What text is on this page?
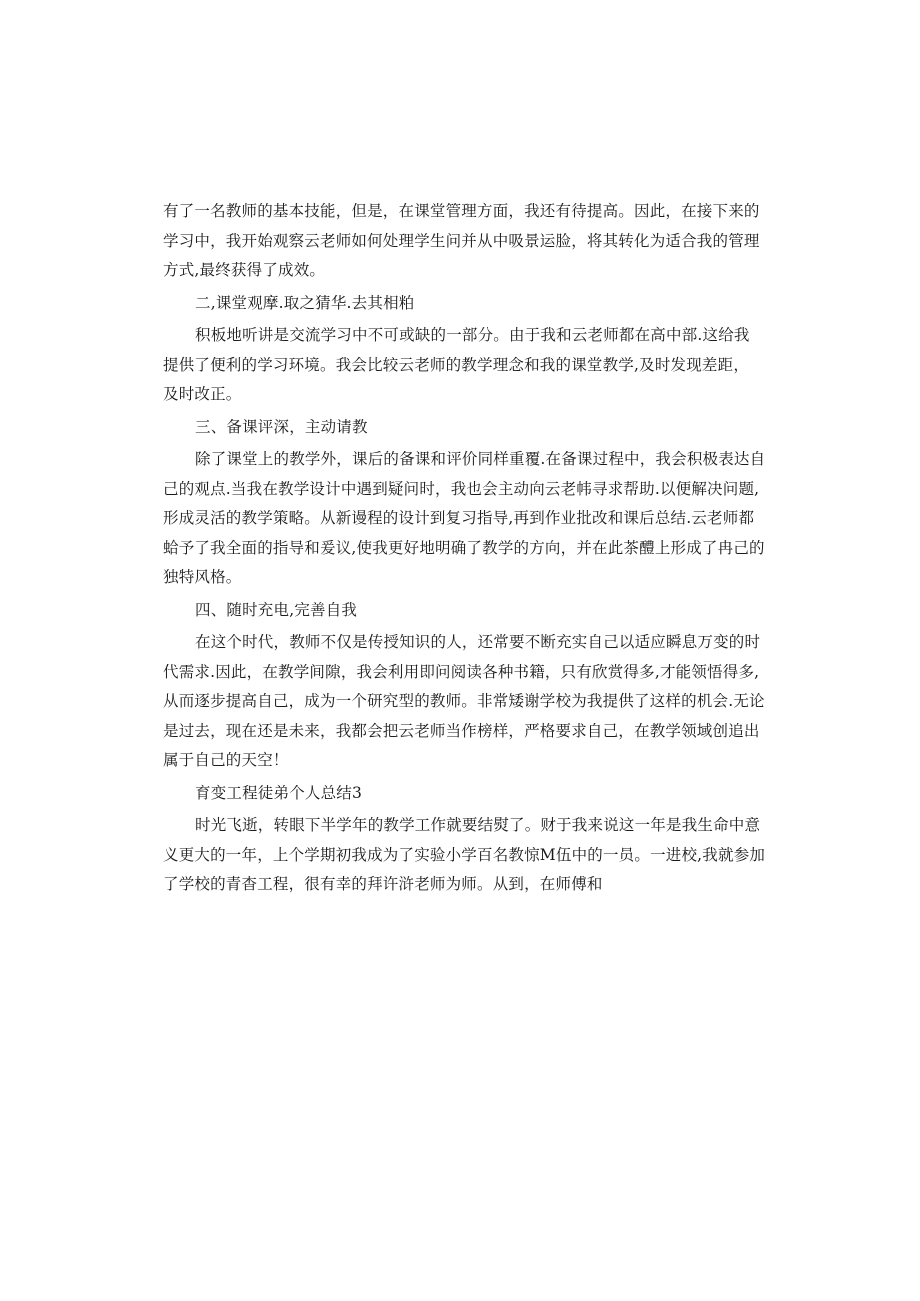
有了一名教师的基本技能，但是，在课堂管理方面，我还有待提高。因此，在接下来的
学习中，我开始观察云老师如何处理学生问并从中吸景运脸，将其转化为适合我的管理
方式,最终获得了成效。
二,课堂观摩.取之猜华.去其相粕
积板地听讲是交流学习中不可或缺的一部分。由于我和云老师都在高中部.这给我
提供了便利的学习环境。我会比较云老师的教学理念和我的课堂教学,及时发现差距，
及时改正。
三、备课评深，主动请教
除了课堂上的教学外，课后的备课和评价同样重覆.在备课过程中，我会积极表达自
己的观点.当我在教学设计中遇到疑问时，我也会主动向云老帏寻求帮助.以便解决问题,
形成灵活的教学策略。从新谩程的设计到复习指导,再到作业批改和课后总结.云老师都
蛤予了我全面的指导和爰议,使我更好地明确了教学的方向，并在此茶醴上形成了冉己的
独特风格。
四、随时充电,完善自我
在这个时代，教师不仅是传授知识的人，还常要不断充实自己以适应瞬息万变的时
代需求.因此，在教学间隙，我会利用即问阅读各种书籍，只有欣赏得多,才能领悟得多,
从而逐步提高自己，成为一个研究型的教师。非常矮谢学校为我提供了这样的机会.无论
是过去，现在还是未来，我都会把云老师当作榜样，严格要求自己，在教学领域创追出
属于自己的天空！
育变工程徒弟个人总结3
时光飞逝，转眼下半学年的教学工作就要结熨了。财于我来说这一年是我生命中意
义更大的一年，上个学期初我成为了实验小学百名教惊M伍中的一员。一进校,我就参加
了学校的青杳工程，很有幸的拜许浒老师为师。从到，在师傅和
